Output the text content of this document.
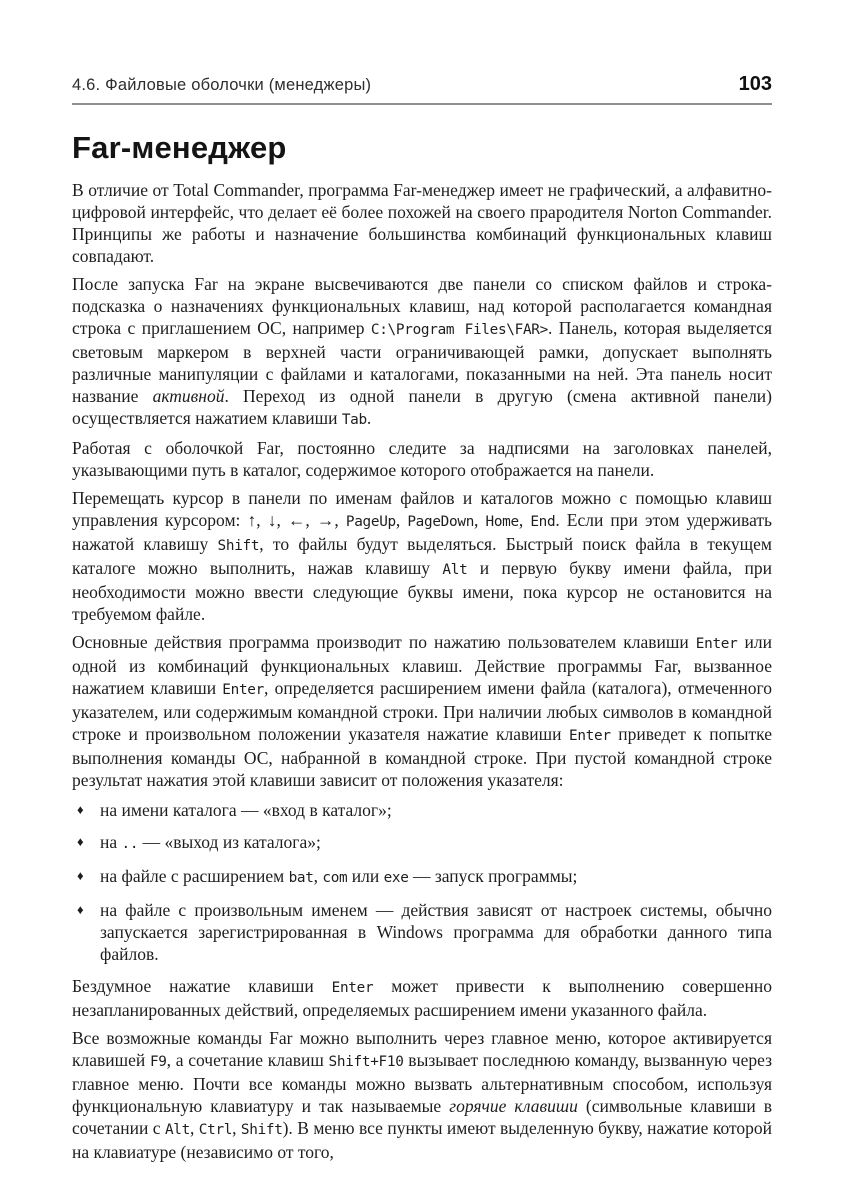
4.6. Файловые оболочки (менеджеры)	103
Far-менеджер

В отличие от Total Commander, программа Far-менеджер имеет не графический, а алфавитно-цифровой интерфейс, что делает её более похожей на своего прародителя Norton Commander. Принципы же работы и назначение большинства комбинаций функциональных клавиш совпадают.

После запуска Far на экране высвечиваются две панели со списком файлов и строка-подсказка о назначениях функциональных клавиш, над которой располагается командная строка с приглашением ОС, например C:\Program Files\FAR>. Панель, которая выделяется световым маркером в верхней части ограничивающей рамки, допускает выполнять различные манипуляции с файлами и каталогами, показанными на ней. Эта панель носит название активной. Переход из одной панели в другую (смена активной панели) осуществляется нажатием клавиши Tab.

Работая с оболочкой Far, постоянно следите за надписями на заголовках панелей, указывающими путь в каталог, содержимое которого отображается на панели.

Перемещать курсор в панели по именам файлов и каталогов можно с помощью клавиш управления курсором: ↑, ↓, ←, →, PageUp, PageDown, Home, End. Если при этом удерживать нажатой клавишу Shift, то файлы будут выделяться. Быстрый поиск файла в текущем каталоге можно выполнить, нажав клавишу Alt и первую букву имени файла, при необходимости можно ввести следующие буквы имени, пока курсор не остановится на требуемом файле.

Основные действия программа производит по нажатию пользователем клавиши Enter или одной из комбинаций функциональных клавиш. Действие программы Far, вызванное нажатием клавиши Enter, определяется расширением имени файла (каталога), отмеченного указателем, или содержимым командной строки. При наличии любых символов в командной строке и произвольном положении указателя нажатие клавиши Enter приведет к попытке выполнения команды ОС, набранной в командной строке. При пустой командной строке результат нажатия этой клавиши зависит от положения указателя:

♦ на имени каталога — «вход в каталог»;
♦ на .. — «выход из каталога»;
♦ на файле с расширением bat, com или exe — запуск программы;
♦ на файле с произвольным именем — действия зависят от настроек системы, обычно запускается зарегистрированная в Windows программа для обработки данного типа файлов.

Бездумное нажатие клавиши Enter может привести к выполнению совершенно незапланированных действий, определяемых расширением имени указанного файла.

Все возможные команды Far можно выполнить через главное меню, которое активируется клавишей F9, а сочетание клавиш Shift+F10 вызывает последнюю команду, вызванную через главное меню. Почти все команды можно вызвать альтернативным способом, используя функциональную клавиатуру и так называемые горячие клавиши (символьные клавиши в сочетании с Alt, Ctrl, Shift). В меню все пункты имеют выделенную букву, нажатие которой на клавиатуре (независимо от того,
